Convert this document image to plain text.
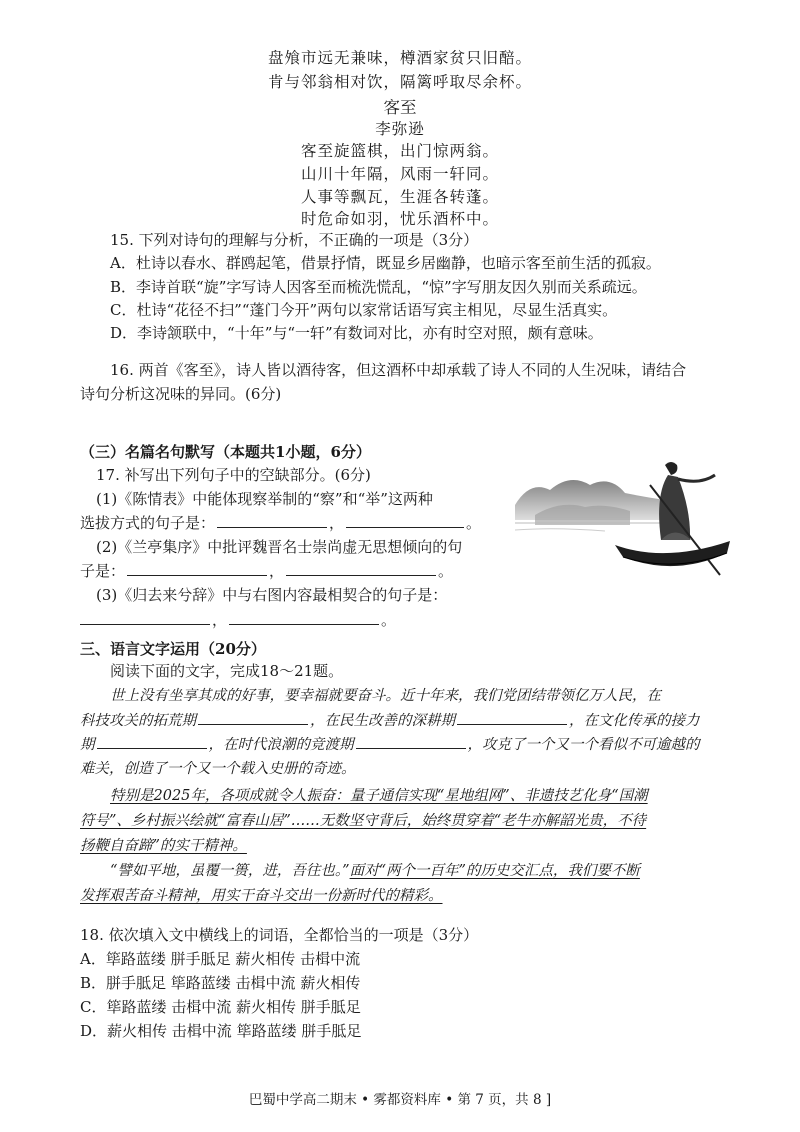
盘飧市远无兼味，樽酒家贫只旧醅。
肯与邻翁相对饮，隔篱呼取尽余杯。
客至
李弥逊
客至旋篮棋，出门惊两翁。
山川十年隔，风雨一轩同。
人事等飘瓦，生涯各转蓬。
时危命如羽，忧乐酒杯中。
15. 下列对诗句的理解与分析，不正确的一项是（3分）
A．杜诗以春水、群鸥起笔，借景抒情，既显乡居幽静，也暗示客至前生活的孤寂。
B．李诗首联“旋”字写诗人因客至而梳洗慌乱，“惊”字写朋友因久别而关系疏远。
C．杜诗“花径不扫”“蓬门今开”两句以家常话语写宾主相见，尽显生活真实。
D．李诗颔联中，“十年”与“一轩”有数词对比，亦有时空对照，颇有意味。
16. 两首《客至》，诗人皆以酒待客，但这酒杯中却承载了诗人不同的人生况味，请结合
诗句分析这况味的异同。(6分)
（三）名篇名句默写（本题共1小题，6分）
17. 补写出下列句子中的空缺部分。(6分)
(1)《陈情表》中能体现察举制的“察”和“举”这两种
选拔方式的句子是：	，	。
(2)《兰亭集序》中批评魏晋名士崇尚虚无思想倾向的句
子是：	，	。
(3)《归去来兮辞》中与右图内容最相契合的句子是：
，	。
三、语言文字运用（20分）
阅读下面的文字，完成18～21题。
世上没有坐享其成的好事，要幸福就要奋斗。近十年来，我们党团结带领亿万人民，在
科技攻关的拓荒期	，在民生改善的深耕期	，在文化传承的接力
期	，在时代浪潮的竞渡期	，攻克了一个又一个看似不可逾越的
难关，创造了一个又一个载入史册的奇迹。
特别是2025年，各项成就令人振奋：量子通信实现“星地组网”、非遗技艺化身“国潮
符号”、乡村振兴绘就“富春山居”……无数坚守背后，始终贯穿着“老牛亦解韶光贵，不待
扬鞭自奋蹄”的实干精神。
“譬如平地，虽覆一篑，进，吾往也。”面对“两个一百年”的历史交汇点，我们要不断
发挥艰苦奋斗精神，用实干奋斗交出一份新时代的精彩。
18. 依次填入文中横线上的词语，全都恰当的一项是（3分）
A．筚路蓝缕 胼手胝足 薪火相传 击楫中流
B．胼手胝足 筚路蓝缕 击楫中流 薪火相传
C．筚路蓝缕 击楫中流 薪火相传 胼手胝足
D．薪火相传 击楫中流 筚路蓝缕 胼手胝足
巴蜀中学高二期末 • 雾都资料库 • 第 7 页，共 8 ]
